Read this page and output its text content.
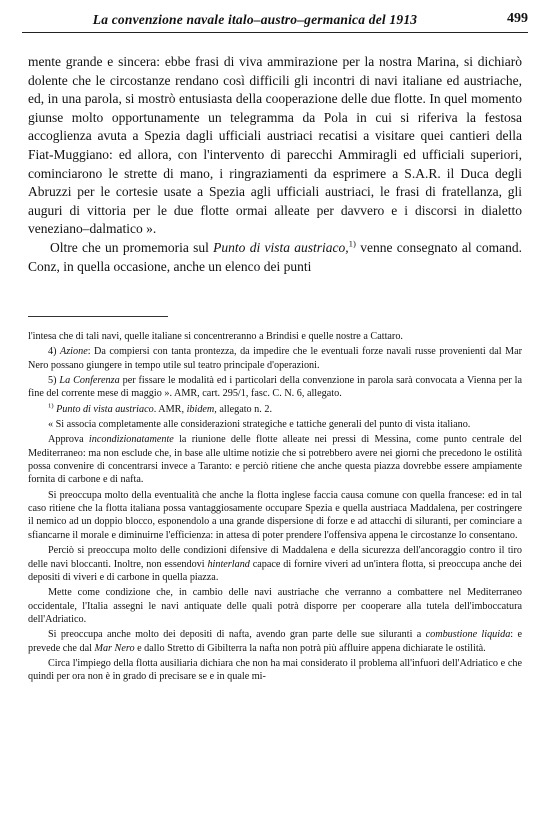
La convenzione navale italo–austro–germanica del 1913	499

mente grande e sincera: ebbe frasi di viva ammirazione per la nostra Marina, si dichiarò dolente che le circostanze rendano così difficili gli incontri di navi italiane ed austriache, ed, in una parola, si mostrò entusiasta della cooperazione delle due flotte. In quel momento giunse molto opportunamente un telegramma da Pola in cui si riferiva la festosa accoglienza avuta a Spezia dagli ufficiali austriaci recatisi a visitare quei cantieri della Fiat-Muggiano: ed allora, con l'intervento di parecchi Ammiragli ed ufficiali superiori, cominciarono le strette di mano, i ringraziamenti da esprimere a S.A.R. il Duca degli Abruzzi per le cortesie usate a Spezia agli ufficiali austriaci, le frasi di fratellanza, gli auguri di vittoria per le due flotte ormai alleate per davvero e i discorsi in dialetto veneziano–dalmatico ».

Oltre che un promemoria sul Punto di vista austriaco,$^{1)}$ venne consegnato al comand. Conz, in quella occasione, anche un elenco dei punti

l'intesa che di tali navi, quelle italiane si concentreranno a Brindisi e quelle nostre a Cattaro.

4) Azione: Da compiersi con tanta prontezza, da impedire che le eventuali forze navali russe provenienti dal Mar Nero possano giungere in tempo utile sul teatro principale d'operazioni.

5) La Conferenza per fissare le modalità ed i particolari della convenzione in parola sarà convocata a Vienna per la fine del corrente mese di maggio ». AMR, cart. 295/1, fasc. C. N. 6, allegato.

$^{1)}$ Punto di vista austriaco. AMR, ibidem, allegato n. 2.

« Si associa completamente alle considerazioni strategiche e tattiche generali del punto di vista italiano.

Approva incondizionatamente la riunione delle flotte alleate nei pressi di Messina, come punto centrale del Mediterraneo: ma non esclude che, in base alle ultime notizie che si potrebbero avere nei giorni che precedono le ostilità possa convenire di concentrarsi invece a Taranto: e perciò ritiene che anche questa piazza dovrebbe essere ampiamente fornita di carbone e di nafta.

Si preoccupa molto della eventualità che anche la flotta inglese faccia causa comune con quella francese: ed in tal caso ritiene che la flotta italiana possa vantaggiosamente occupare Spezia e quella austriaca Maddalena, per costringere il nemico ad un doppio blocco, esponendolo a una grande dispersione di forze e ad attacchi di siluranti, per cominciare a sfiancarne il morale e diminuirne l'efficienza: in attesa di poter prendere l'offensiva appena le circostanze lo consentano.

Perciò si preoccupa molto delle condizioni difensive di Maddalena e della sicurezza dell'ancoraggio contro il tiro delle navi bloccanti. Inoltre, non essendovi hinterland capace di fornire viveri ad un'intera flotta, si preoccupa anche dei depositi di viveri e di carbone in quella piazza.

Mette come condizione che, in cambio delle navi austriache che verranno a combattere nel Mediterraneo occidentale, l'Italia assegni le navi antiquate delle quali potrà disporre per cooperare alla tutela dell'imboccatura dell'Adriatico.

Si preoccupa anche molto dei depositi di nafta, avendo gran parte delle sue siluranti a combustione liquida: e prevede che dal Mar Nero e dallo Stretto di Gibilterra la nafta non potrà più affluire appena dichiarate le ostilità.

Circa l'impiego della flotta ausiliaria dichiara che non ha mai considerato il problema all'infuori dell'Adriatico e che quindi per ora non è in grado di precisare se e in quale mi-
